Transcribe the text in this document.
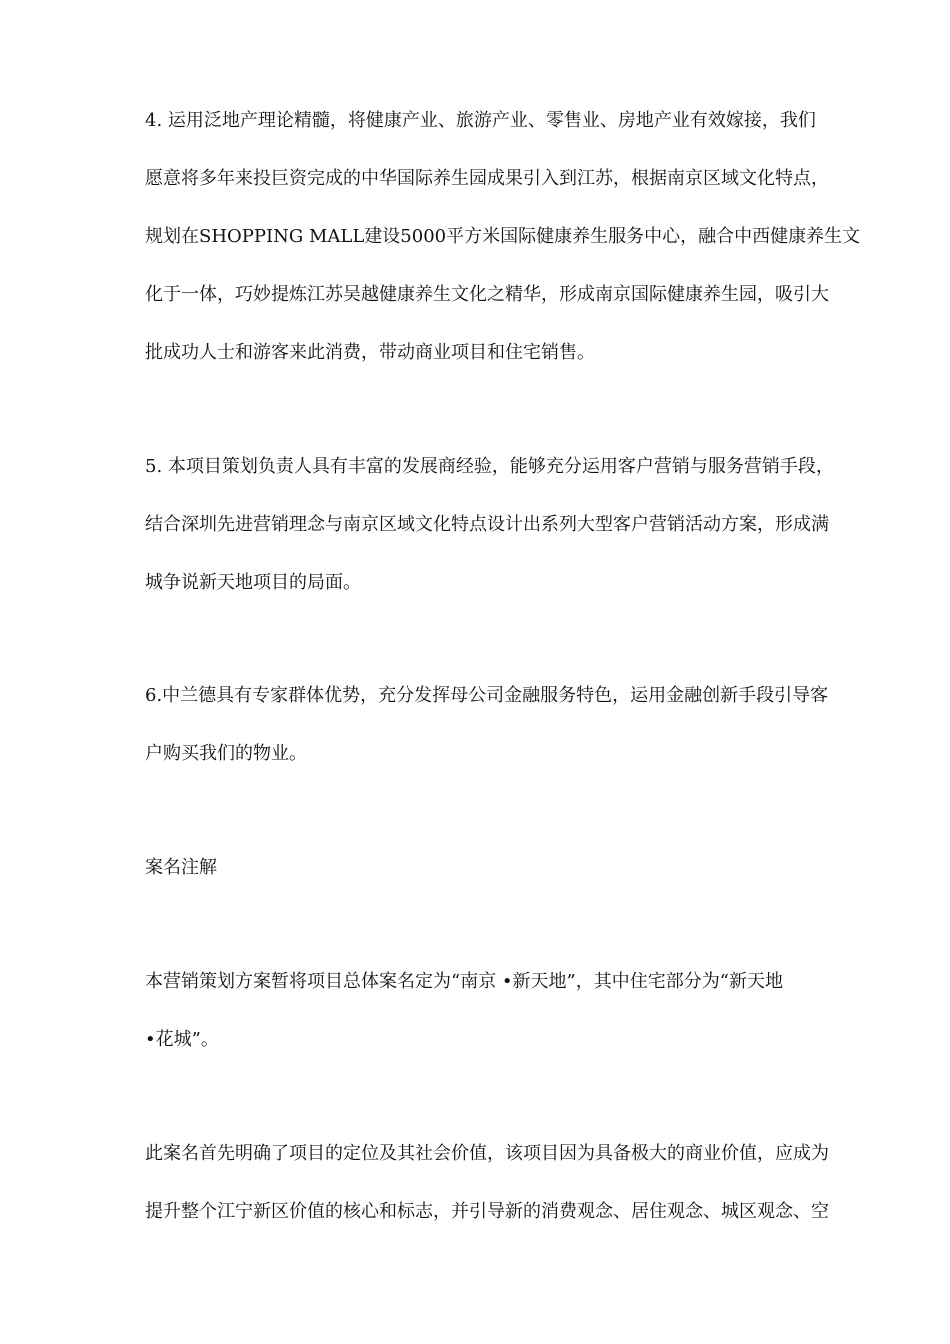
4. 运用泛地产理论精髓，将健康产业、旅游产业、零售业、房地产业有效嫁接，我们
愿意将多年来投巨资完成的中华国际养生园成果引入到江苏，根据南京区域文化特点，
规划在SHOPPING MALL建设5000平方米国际健康养生服务中心，融合中西健康养生文
化于一体，巧妙提炼江苏吴越健康养生文化之精华，形成南京国际健康养生园，吸引大
批成功人士和游客来此消费，带动商业项目和住宅销售。
5. 本项目策划负责人具有丰富的发展商经验，能够充分运用客户营销与服务营销手段，
结合深圳先进营销理念与南京区域文化特点设计出系列大型客户营销活动方案，形成满
城争说新天地项目的局面。
6.中兰德具有专家群体优势，充分发挥母公司金融服务特色，运用金融创新手段引导客
户购买我们的物业。
案名注解
本营销策划方案暂将项目总体案名定为“南京 •新天地”，其中住宅部分为“新天地
•花城”。
此案名首先明确了项目的定位及其社会价值，该项目因为具备极大的商业价值，应成为
提升整个江宁新区价值的核心和标志，并引导新的消费观念、居住观念、城区观念、空
